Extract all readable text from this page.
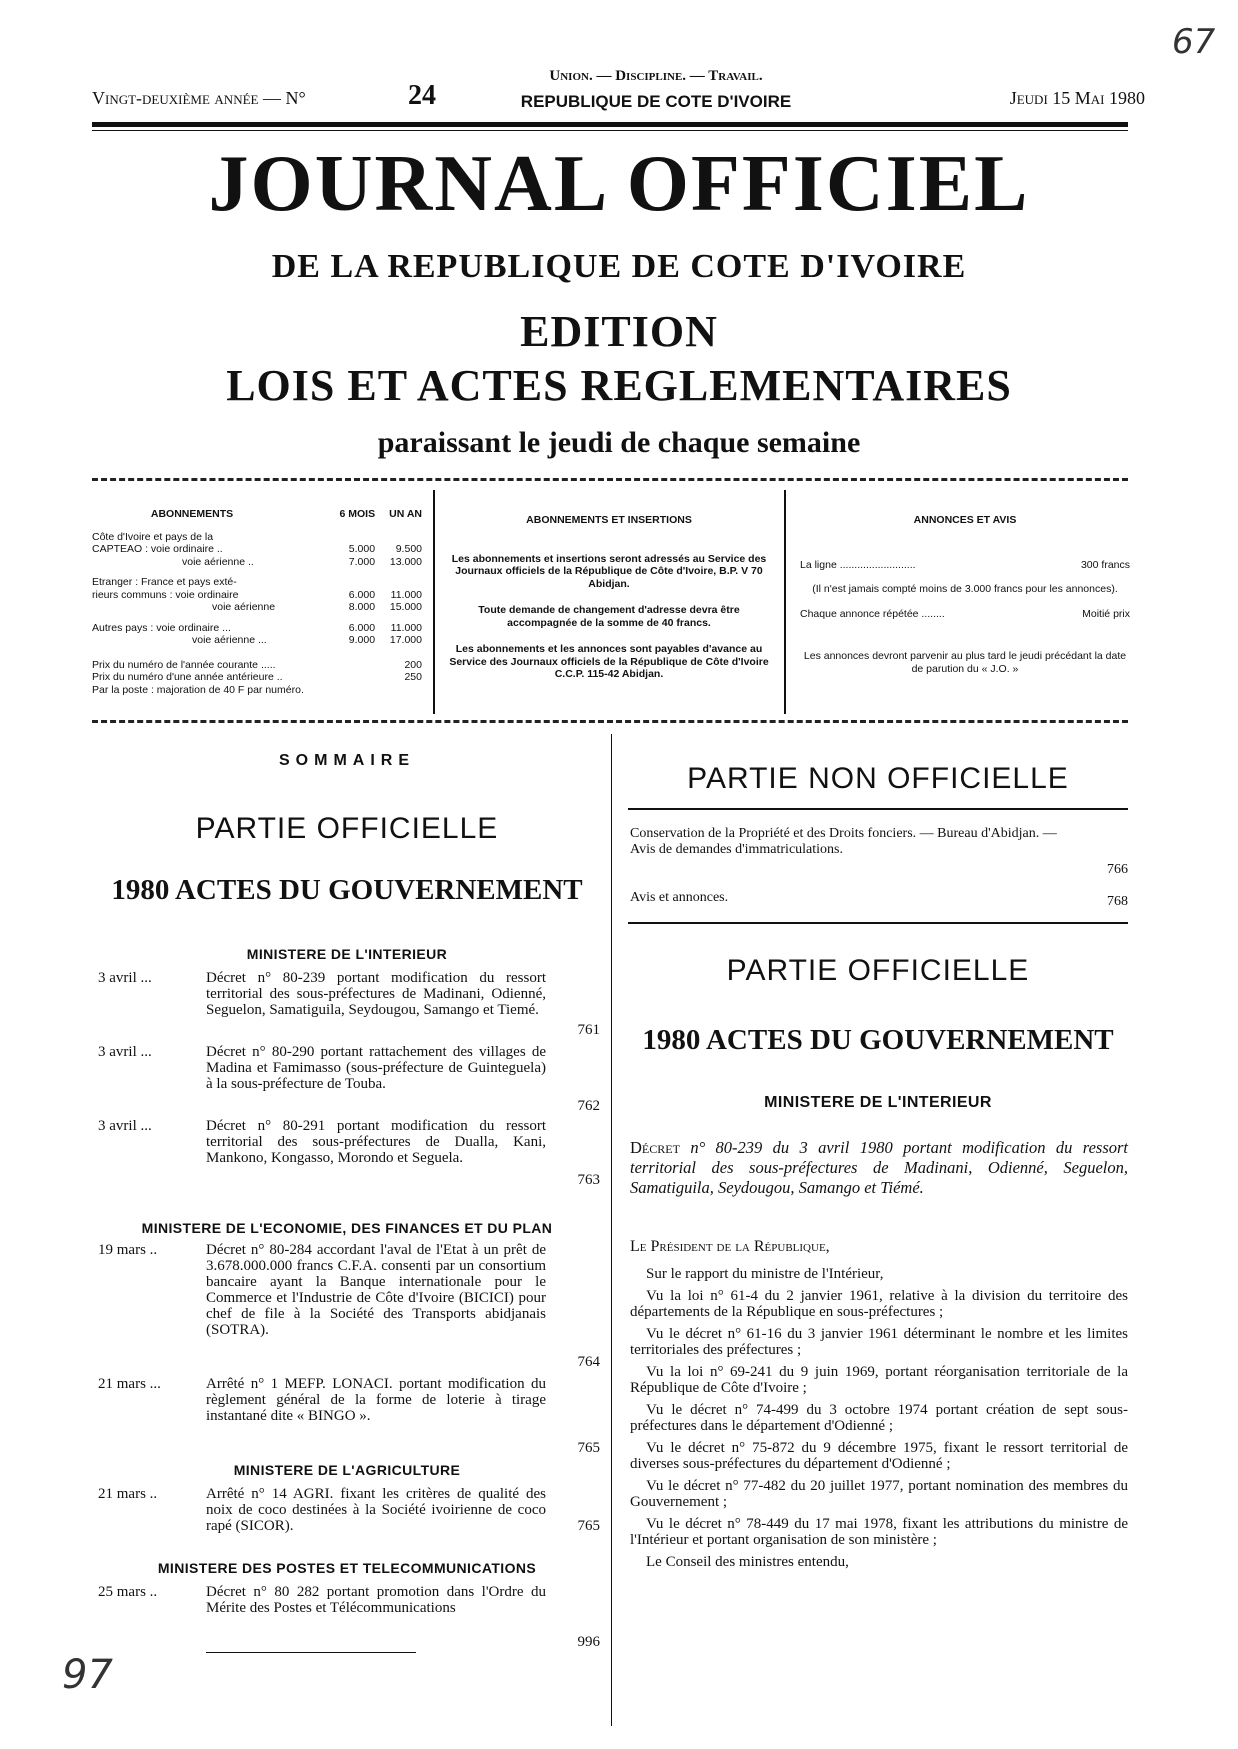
Vingt-deuxième année — N°	24
Union. — Discipline. — Travail.
REPUBLIQUE DE COTE D'IVOIRE	Jeudi 15 Mai 1980
JOURNAL OFFICIEL
DE LA REPUBLIQUE DE COTE D'IVOIRE
EDITION
LOIS ET ACTES REGLEMENTAIRES
paraissant le jeudi de chaque semaine
ABONNEMENTS	6 MOIS UN AN
Côte d'Ivoire et pays de la
CAPTEAO : voie ordinaire ..	5.000 9.500
voie aérienne ..	7.000 13.000
Etranger : France et pays exté-
rieurs communs : voie ordinaire	6.000 11.000
voie aérienne	8.000 15.000
Autres pays : voie ordinaire ...	6.000 11.000
voie aérienne ...	9.000 17.000
Prix du numéro de l'année courante .....	200
Prix du numéro d'une année antérieure ..	250
Par la poste : majoration de 40 F par numéro.
ABONNEMENTS ET INSERTIONS
Les abonnements et insertions seront adressés au Service des Journaux officiels de la République de Côte d'Ivoire, B.P. V 70 Abidjan.
Toute demande de changement d'adresse devra être accompagnée de la somme de 40 francs.
Les abonnements et les annonces sont payables d'avance au Service des Journaux officiels de la République de Côte d'Ivoire C.C.P. 115-42 Abidjan.
ANNONCES ET AVIS
La ligne ..........................	300 francs
(Il n'est jamais compté moins de 3.000 francs pour les annonces).
Chaque annonce répétée ........	Moitié prix
Les annonces devront parvenir au plus tard le jeudi précédant la date de parution du « J.O. »
SOMMAIRE
PARTIE OFFICIELLE
1980 ACTES DU GOUVERNEMENT
MINISTERE DE L'INTERIEUR
3 avril ...	Décret n° 80-239 portant modification du ressort territorial des sous-préfectures de Madinani, Odienné, Seguelon, Samatiguila, Seydougou, Samango et Tiemé.
761
3 avril ...	Décret n° 80-290 portant rattachement des villages de Madina et Famimasso (sous-préfecture de Guinteguela) à la sous-préfecture de Touba.
762
3 avril ...	Décret n° 80-291 portant modification du ressort territorial des sous-préfectures de Dualla, Kani, Mankono, Kongasso, Morondo et Seguela.
763
MINISTERE DE L'ECONOMIE, DES FINANCES ET DU PLAN
19 mars ..	Décret n° 80-284 accordant l'aval de l'Etat à un prêt de 3.678.000.000 francs C.F.A. consenti par un consortium bancaire ayant la Banque internationale pour le Commerce et l'Industrie de Côte d'Ivoire (BICICI) pour chef de file à la Société des Transports abidjanais (SOTRA).
764
21 mars ...	Arrêté n° 1 MEFP. LONACI. portant modification du règlement général de la forme de loterie à tirage instantané dite « BINGO ».
765
MINISTERE DE L'AGRICULTURE
21 mars ..	Arrêté n° 14 AGRI. fixant les critères de qualité des noix de coco destinées à la Société ivoirienne de coco rapé (SICOR).	765
MINISTERE DES POSTES ET TELECOMMUNICATIONS
25 mars ..	Décret n° 80 282 portant promotion dans l'Ordre du Mérite des Postes et Télécommunications
996
PARTIE NON OFFICIELLE
Conservation de la Propriété et des Droits fonciers. — Bureau d'Abidjan. — Avis de demandes d'immatriculations.
766
Avis et annonces.	768
PARTIE OFFICIELLE
1980 ACTES DU GOUVERNEMENT
MINISTERE DE L'INTERIEUR
Décret n° 80-239 du 3 avril 1980 portant modification du ressort territorial des sous-préfectures de Madinani, Odienné, Seguelon, Samatiguila, Seydougou, Samango et Tiémé.
Le Président de la République,
Sur le rapport du ministre de l'Intérieur,
Vu la loi n° 61-4 du 2 janvier 1961, relative à la division du territoire des départements de la République en sous-préfectures ;
Vu le décret n° 61-16 du 3 janvier 1961 déterminant le nombre et les limites territoriales des préfectures ;
Vu la loi n° 69-241 du 9 juin 1969, portant réorganisation territoriale de la République de Côte d'Ivoire ;
Vu le décret n° 74-499 du 3 octobre 1974 portant création de sept sous-préfectures dans le département d'Odienné ;
Vu le décret n° 75-872 du 9 décembre 1975, fixant le ressort territorial de diverses sous-préfectures du département d'Odienné ;
Vu le décret n° 77-482 du 20 juillet 1977, portant nomination des membres du Gouvernement ;
Vu le décret n° 78-449 du 17 mai 1978, fixant les attributions du ministre de l'Intérieur et portant organisation de son ministère ;
Le Conseil des ministres entendu,
67
97
